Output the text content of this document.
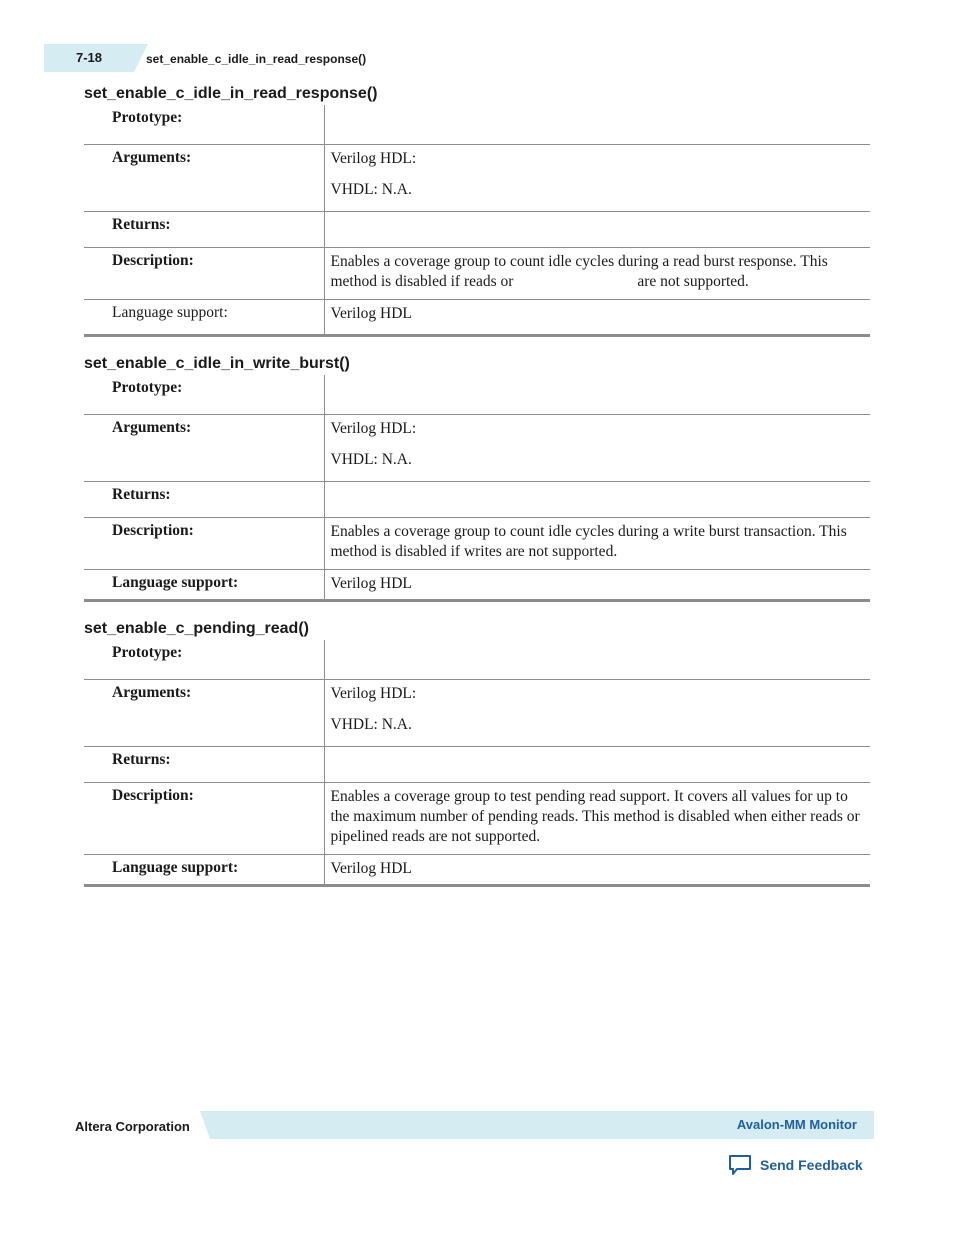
7-18	set_enable_c_idle_in_read_response()
set_enable_c_idle_in_read_response()
Prototype:	
Arguments:	Verilog HDL:
VHDL: N.A.

Returns:	
Description:	Enables a coverage group to count idle cycles during a read burst response. This method is disabled if reads or are not supported.
Language support:	Verilog HDL
set_enable_c_idle_in_write_burst()
Prototype:	
Arguments:	Verilog HDL:
VHDL: N.A.

Returns:	
Description:	Enables a coverage group to count idle cycles during a write burst transaction. This method is disabled if writes are not supported.
Language support:	Verilog HDL
set_enable_c_pending_read()
Prototype:	
Arguments:	Verilog HDL:
VHDL: N.A.

Returns:	
Description:	Enables a coverage group to test pending read support. It covers all values for up to the maximum number of pending reads. This method is disabled when either reads or pipelined reads are not supported.
Language support:	Verilog HDL
Altera Corporation	Avalon-MM Monitor
Send Feedback
